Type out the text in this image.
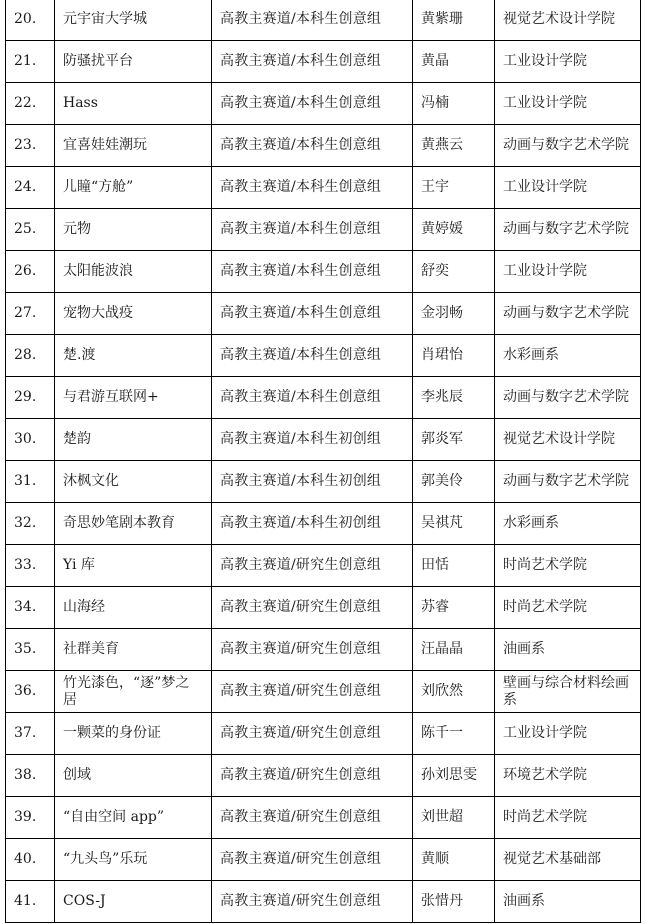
20.	元宇宙大学城	高教主赛道/本科生创意组	黄紫珊	视觉艺术设计学院
21.	防骚扰平台	高教主赛道/本科生创意组	黄晶	工业设计学院
22.	Hass	高教主赛道/本科生创意组	冯楠	工业设计学院
23.	宜喜娃娃潮玩	高教主赛道/本科生创意组	黄燕云	动画与数字艺术学院
24.	儿瞳“方舱”	高教主赛道/本科生创意组	王宇	工业设计学院
25.	元物	高教主赛道/本科生创意组	黄婷媛	动画与数字艺术学院
26.	太阳能波浪	高教主赛道/本科生创意组	舒奕	工业设计学院
27.	宠物大战疫	高教主赛道/本科生创意组	金羽畅	动画与数字艺术学院
28.	楚.渡	高教主赛道/本科生创意组	肖珺怡	水彩画系
29.	与君游互联网+	高教主赛道/本科生创意组	李兆辰	动画与数字艺术学院
30.	楚韵	高教主赛道/本科生初创组	郭炎军	视觉艺术设计学院
31.	沐枫文化	高教主赛道/本科生初创组	郭美伶	动画与数字艺术学院
32.	奇思妙笔剧本教育	高教主赛道/本科生初创组	吴祺芃	水彩画系
33.	Yi 库	高教主赛道/研究生创意组	田恬	时尚艺术学院
34.	山海经	高教主赛道/研究生创意组	苏睿	时尚艺术学院
35.	社群美育	高教主赛道/研究生创意组	汪晶晶	油画系
36.	竹光漆色，“逐”梦之居	高教主赛道/研究生创意组	刘欣然	壁画与综合材料绘画系
37.	一颗菜的身份证	高教主赛道/研究生创意组	陈千一	工业设计学院
38.	创域	高教主赛道/研究生创意组	孙刘思雯	环境艺术学院
39.	“自由空间 app”	高教主赛道/研究生创意组	刘世超	时尚艺术学院
40.	“九头鸟”乐玩	高教主赛道/研究生创意组	黄顺	视觉艺术基础部
41.	COS-J	高教主赛道/研究生创意组	张惜丹	油画系
